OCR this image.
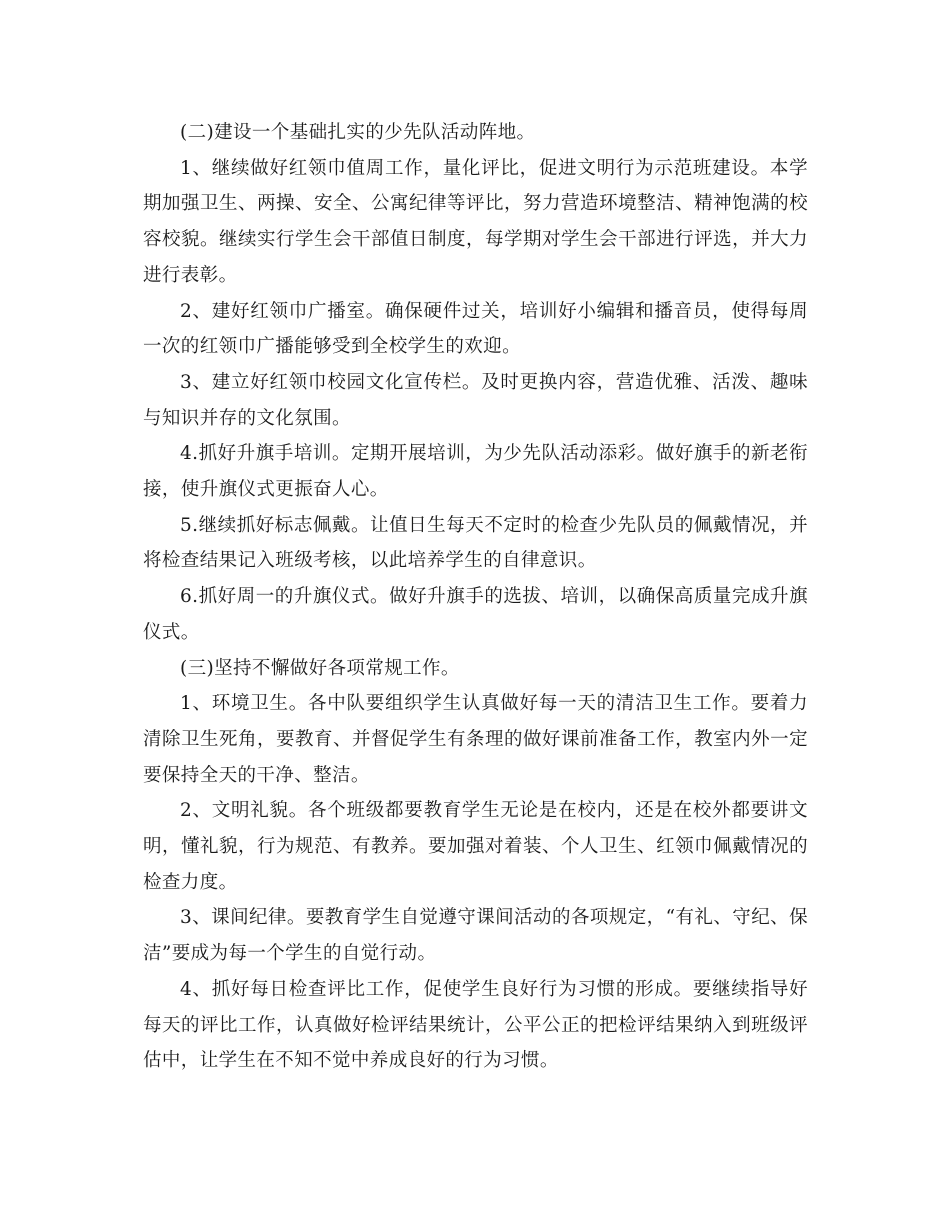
(二)建设一个基础扎实的少先队活动阵地。

1、继续做好红领巾值周工作，量化评比，促进文明行为示范班建设。本学期加强卫生、两操、安全、公寓纪律等评比，努力营造环境整洁、精神饱满的校容校貌。继续实行学生会干部值日制度，每学期对学生会干部进行评选，并大力进行表彰。

2、建好红领巾广播室。确保硬件过关，培训好小编辑和播音员，使得每周一次的红领巾广播能够受到全校学生的欢迎。

3、建立好红领巾校园文化宣传栏。及时更换内容，营造优雅、活泼、趣味与知识并存的文化氛围。

4.抓好升旗手培训。定期开展培训，为少先队活动添彩。做好旗手的新老衔接，使升旗仪式更振奋人心。

5.继续抓好标志佩戴。让值日生每天不定时的检查少先队员的佩戴情况，并将检查结果记入班级考核，以此培养学生的自律意识。

6.抓好周一的升旗仪式。做好升旗手的选拔、培训，以确保高质量完成升旗仪式。

(三)坚持不懈做好各项常规工作。

1、环境卫生。各中队要组织学生认真做好每一天的清洁卫生工作。要着力清除卫生死角，要教育、并督促学生有条理的做好课前准备工作，教室内外一定要保持全天的干净、整洁。

2、文明礼貌。各个班级都要教育学生无论是在校内，还是在校外都要讲文明，懂礼貌，行为规范、有教养。要加强对着装、个人卫生、红领巾佩戴情况的检查力度。

3、课间纪律。要教育学生自觉遵守课间活动的各项规定，“有礼、守纪、保洁”要成为每一个学生的自觉行动。

4、抓好每日检查评比工作，促使学生良好行为习惯的形成。要继续指导好每天的评比工作，认真做好检评结果统计，公平公正的把检评结果纳入到班级评估中，让学生在不知不觉中养成良好的行为习惯。
